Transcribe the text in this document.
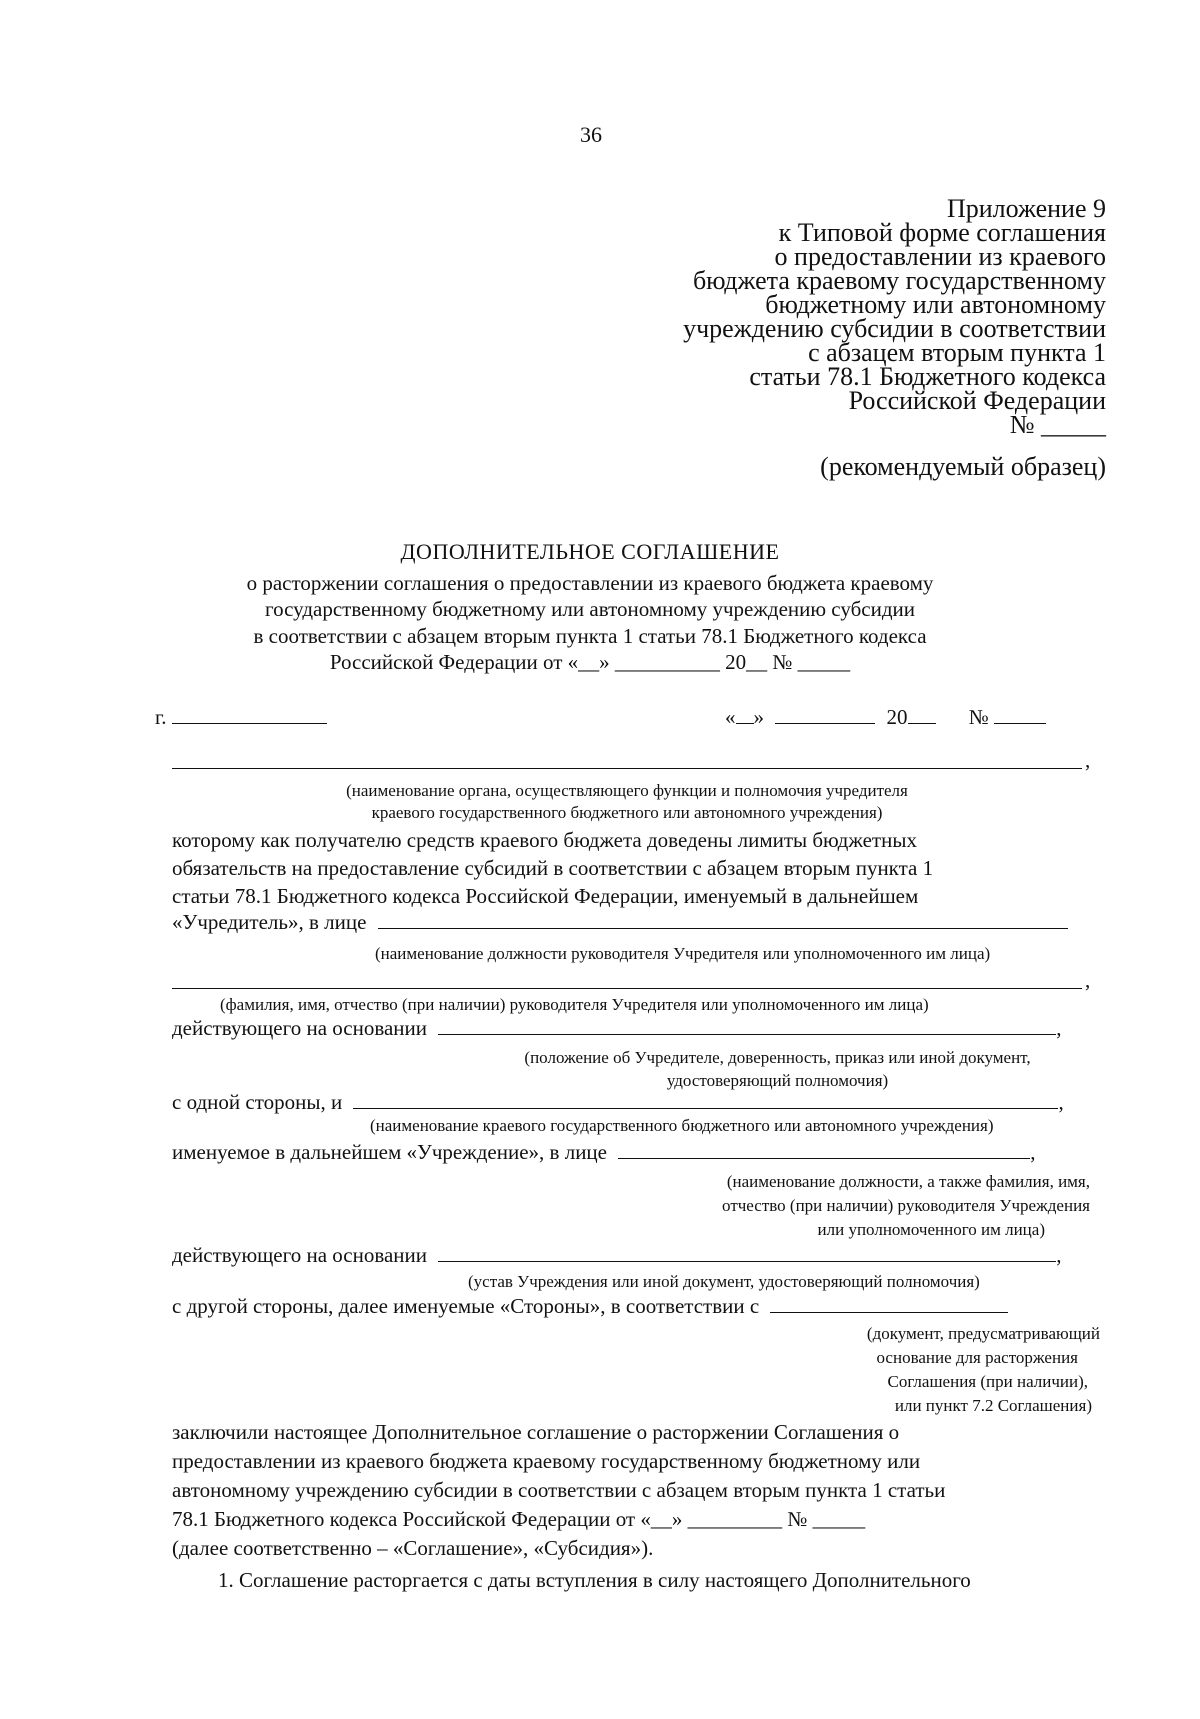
36
Приложение 9
к Типовой форме соглашения
о предоставлении из краевого
бюджета краевому государственному
бюджетному или автономному
учреждению субсидии в соответствии
с абзацем вторым пункта 1
статьи 78.1 Бюджетного кодекса
Российской Федерации
№ _____
(рекомендуемый образец)
ДОПОЛНИТЕЛЬНОЕ СОГЛАШЕНИЕ
о расторжении соглашения о предоставлении из краевого бюджета краевому
государственному бюджетному или автономному учреждению субсидии
в соответствии с абзацем вторым пункта 1 статьи 78.1 Бюджетного кодекса
Российской Федерации от «__» __________ 20__ № _____
г.	« »	20	№
,
(наименование органа, осуществляющего функции и полномочия учредителя
краевого государственного бюджетного или автономного учреждения)
которому как получателю средств краевого бюджета доведены лимиты бюджетных
обязательств на предоставление субсидий в соответствии с абзацем вторым пункта 1
статьи 78.1 Бюджетного кодекса Российской Федерации, именуемый в дальнейшем
«Учредитель», в лице
(наименование должности руководителя Учредителя или уполномоченного им лица)
,
(фамилия, имя, отчество (при наличии) руководителя Учредителя или уполномоченного им лица)
действующего на основании	,
(положение об Учредителе, доверенность, приказ или иной документ,
удостоверяющий полномочия)
с одной стороны, и	,
(наименование краевого государственного бюджетного или автономного учреждения)
именуемое в дальнейшем «Учреждение», в лице	,
(наименование должности, а также фамилия, имя,
отчество (при наличии) руководителя Учреждения
или уполномоченного им лица)
действующего на основании	,
(устав Учреждения или иной документ, удостоверяющий полномочия)
с другой стороны, далее именуемые «Стороны», в соответствии с
(документ, предусматривающий
основание для расторжения
Соглашения (при наличии),
или пункт 7.2 Соглашения)
заключили настоящее Дополнительное соглашение о расторжении Соглашения о
предоставлении из краевого бюджета краевому государственному бюджетному или
автономному учреждению субсидии в соответствии с абзацем вторым пункта 1 статьи
78.1 Бюджетного кодекса Российской Федерации от «__» _________ № _____
(далее соответственно – «Соглашение», «Субсидия»).
1. Соглашение расторгается с даты вступления в силу настоящего Дополнительного
